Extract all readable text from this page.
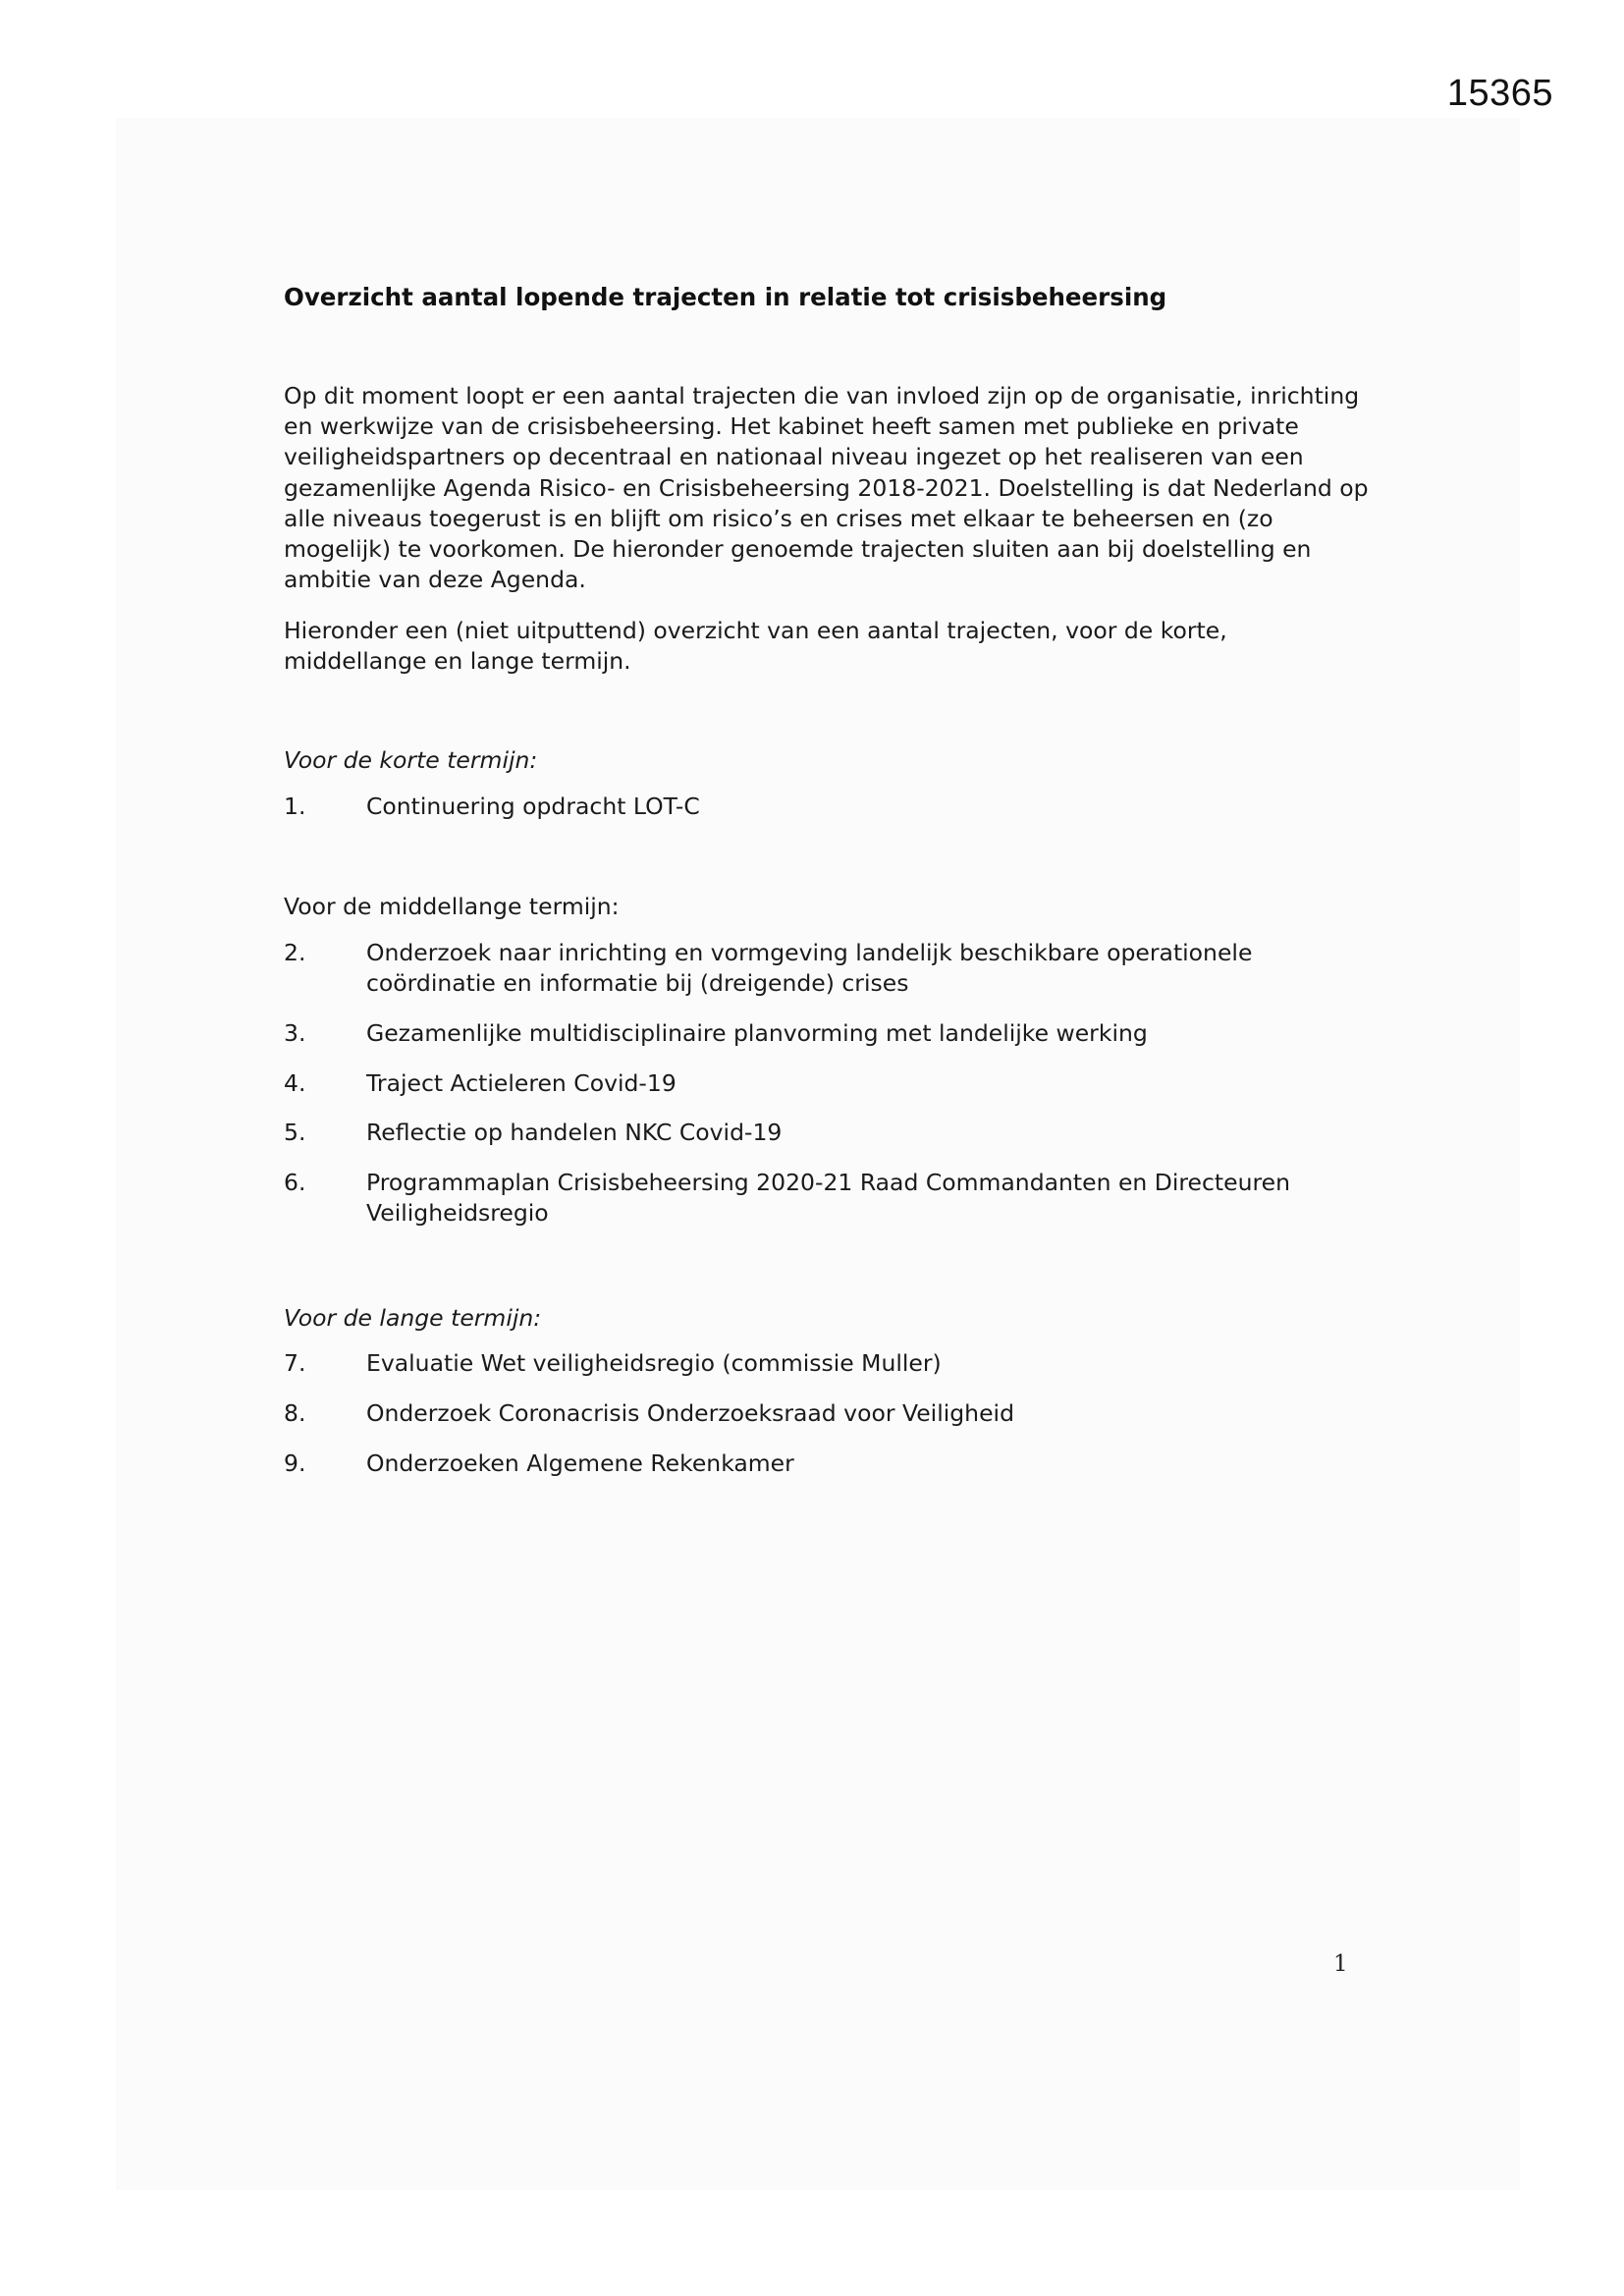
15365
Overzicht aantal lopende trajecten in relatie tot crisisbeheersing
Op dit moment loopt er een aantal trajecten die van invloed zijn op de organisatie, inrichting en werkwijze van de crisisbeheersing. Het kabinet heeft samen met publieke en private veiligheidspartners op decentraal en nationaal niveau ingezet op het realiseren van een gezamenlijke Agenda Risico- en Crisisbeheersing 2018-2021. Doelstelling is dat Nederland op alle niveaus toegerust is en blijft om risico’s en crises met elkaar te beheersen en (zo mogelijk) te voorkomen. De hieronder genoemde trajecten sluiten aan bij doelstelling en ambitie van deze Agenda.
Hieronder een (niet uitputtend) overzicht van een aantal trajecten, voor de korte, middellange en lange termijn.
Voor de korte termijn:
1.	Continuering opdracht LOT-C
Voor de middellange termijn:
2.	Onderzoek naar inrichting en vormgeving landelijk beschikbare operationele coördinatie en informatie bij (dreigende) crises
3.	Gezamenlijke multidisciplinaire planvorming met landelijke werking
4.	Traject Actieleren Covid-19
5.	Reflectie op handelen NKC Covid-19
6.	Programmaplan Crisisbeheersing 2020-21 Raad Commandanten en Directeuren Veiligheidsregio
Voor de lange termijn:
7.	Evaluatie Wet veiligheidsregio (commissie Muller)
8.	Onderzoek Coronacrisis Onderzoeksraad voor Veiligheid
9.	Onderzoeken Algemene Rekenkamer
1
